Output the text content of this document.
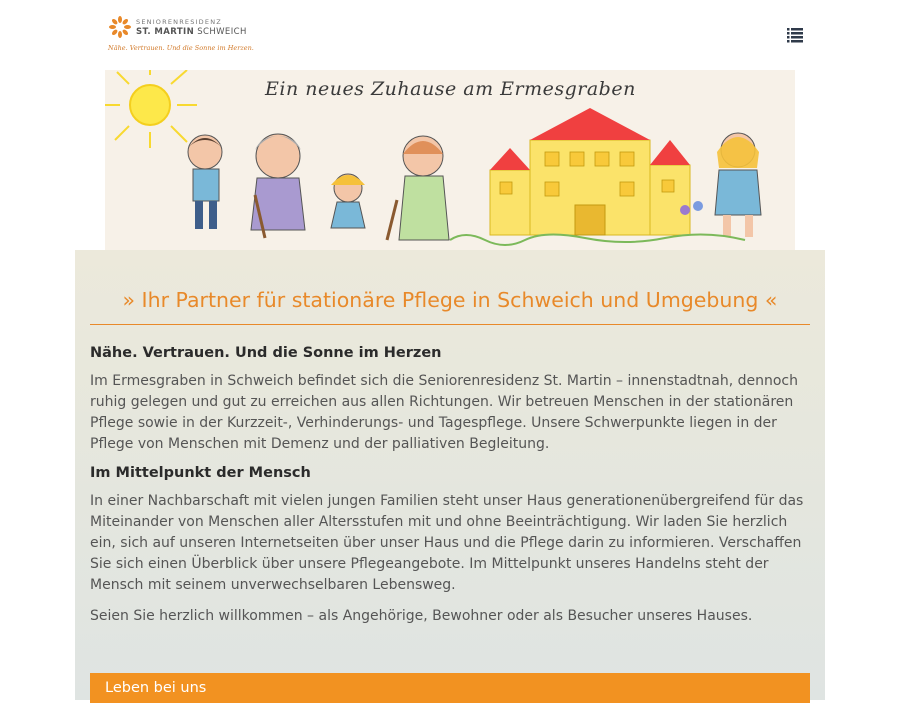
SENIORENRESIDENZ
ST. MARTIN SCHWEICH
Nähe. Vertrauen. Und die Sonne im Herzen.
Ein neues Zuhause am Ermesgraben
» Ihr Partner für stationäre Pflege in Schweich und Umgebung «
Nähe. Vertrauen. Und die Sonne im Herzen

Im Ermesgraben in Schweich befindet sich die Seniorenresidenz St. Martin – innenstadtnah, dennoch ruhig gelegen und gut zu erreichen aus allen Richtungen. Wir betreuen Menschen in der stationären Pflege sowie in der Kurzzeit-, Verhinderungs- und Tagespflege. Unsere Schwerpunkte liegen in der Pflege von Menschen mit Demenz und der palliativen Begleitung.

Im Mittelpunkt der Mensch

In einer Nachbarschaft mit vielen jungen Familien steht unser Haus generationenübergreifend für das Miteinander von Menschen aller Altersstufen mit und ohne Beeinträchtigung. Wir laden Sie herzlich ein, sich auf unseren Internetseiten über unser Haus und die Pflege darin zu informieren. Verschaffen Sie sich einen Überblick über unsere Pflegeangebote. Im Mittelpunkt unseres Handelns steht der Mensch mit seinem unverwechselbaren Lebensweg.

Seien Sie herzlich willkommen – als Angehörige, Bewohner oder als Besucher unseres Hauses.

Leben bei uns
